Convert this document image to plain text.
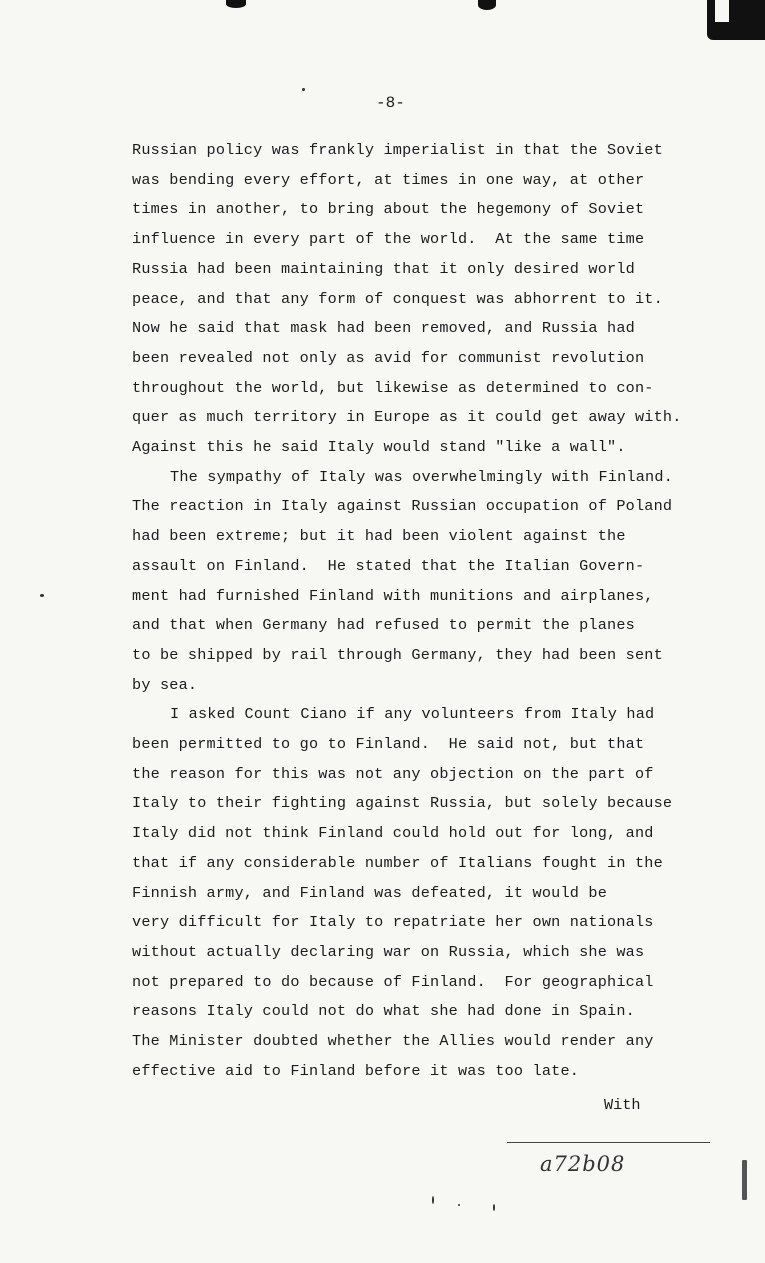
-8-
Russian policy was frankly imperialist in that the Soviet
was bending every effort, at times in one way, at other
times in another, to bring about the hegemony of Soviet
influence in every part of the world.  At the same time
Russia had been maintaining that it only desired world
peace, and that any form of conquest was abhorrent to it.
Now he said that mask had been removed, and Russia had
been revealed not only as avid for communist revolution
throughout the world, but likewise as determined to con-
quer as much territory in Europe as it could get away with.
Against this he said Italy would stand "like a wall".
The sympathy of Italy was overwhelmingly with Finland.
The reaction in Italy against Russian occupation of Poland
had been extreme; but it had been violent against the
assault on Finland.  He stated that the Italian Govern-
ment had furnished Finland with munitions and airplanes,
and that when Germany had refused to permit the planes
to be shipped by rail through Germany, they had been sent
by sea.
I asked Count Ciano if any volunteers from Italy had
been permitted to go to Finland.  He said not, but that
the reason for this was not any objection on the part of
Italy to their fighting against Russia, but solely because
Italy did not think Finland could hold out for long, and
that if any considerable number of Italians fought in the
Finnish army, and Finland was defeated, it would be
very difficult for Italy to repatriate her own nationals
without actually declaring war on Russia, which she was
not prepared to do because of Finland.  For geographical
reasons Italy could not do what she had done in Spain.
The Minister doubted whether the Allies would render any
effective aid to Finland before it was too late.
With
a72b08
